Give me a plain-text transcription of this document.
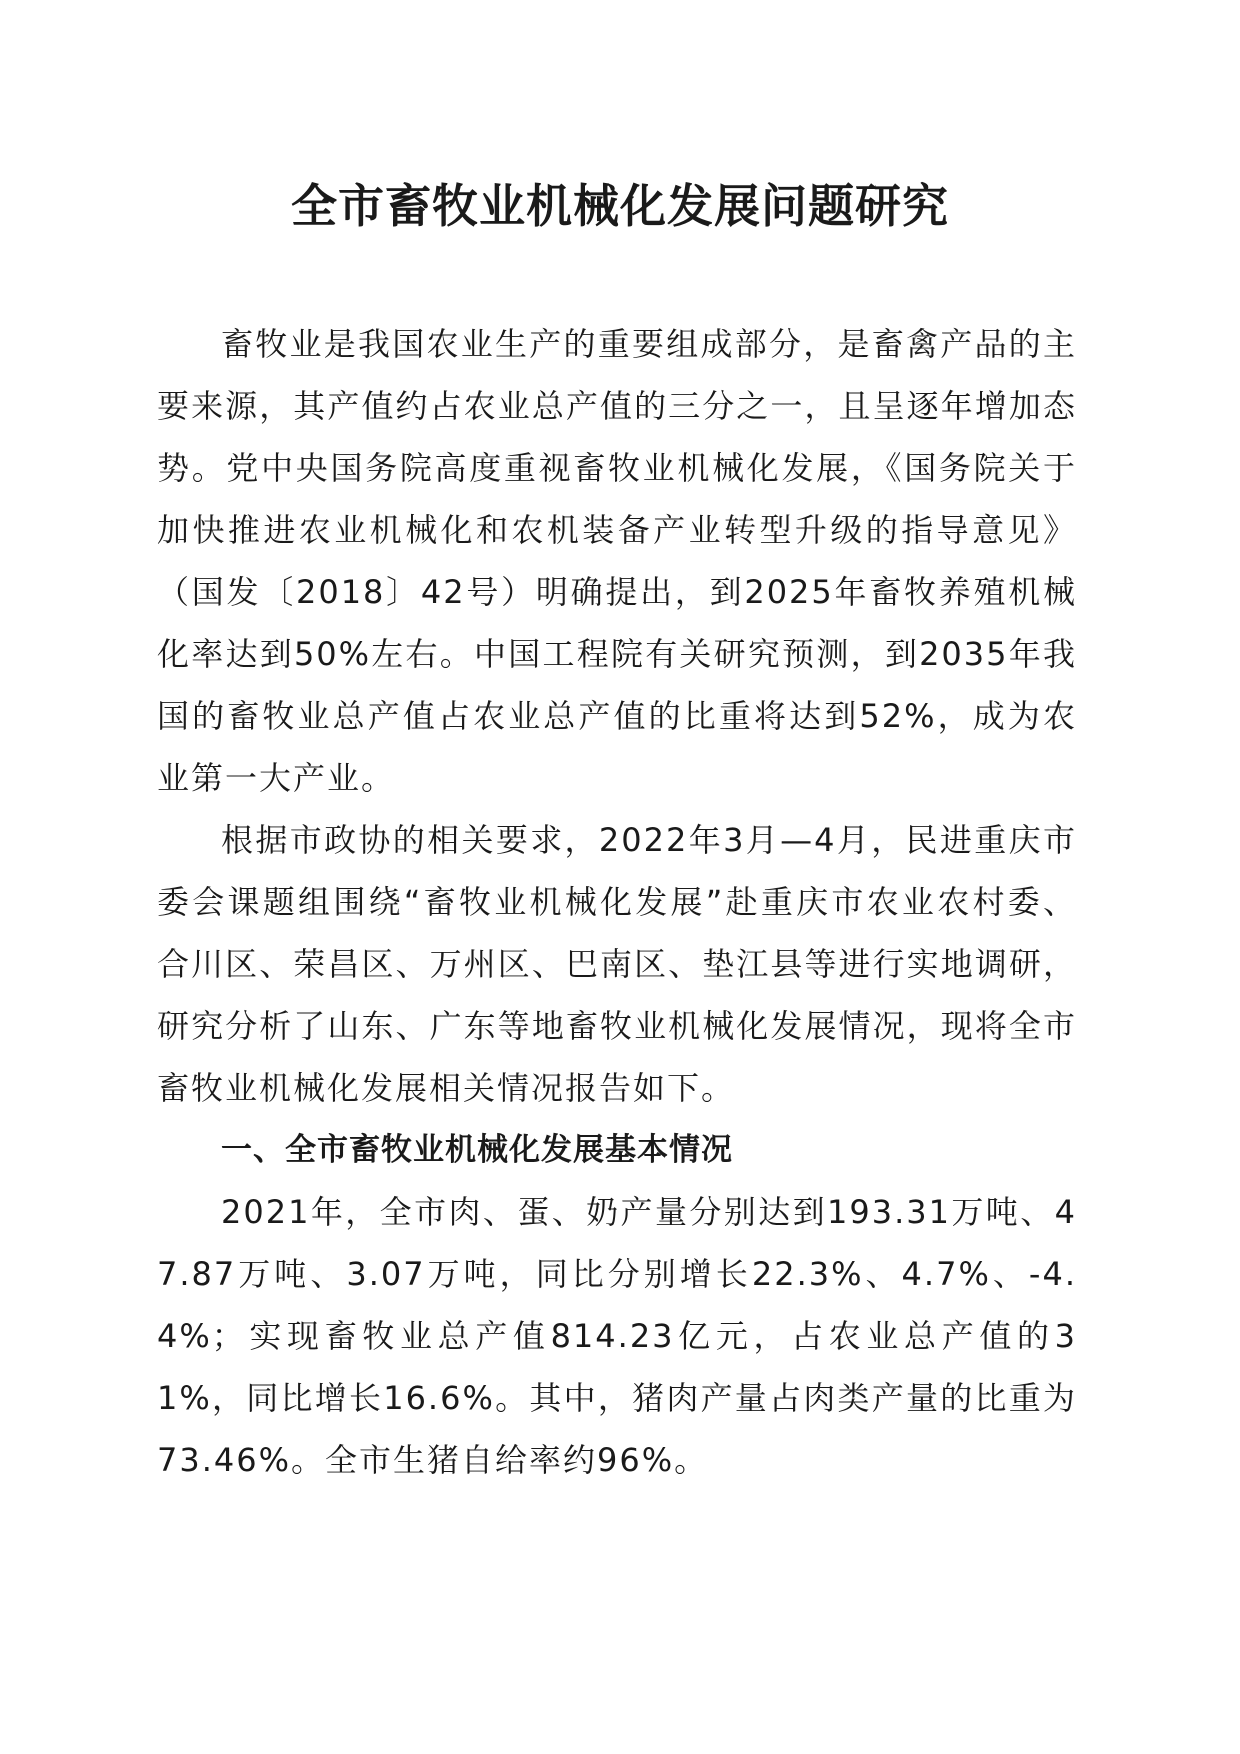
全市畜牧业机械化发展问题研究

畜牧业是我国农业生产的重要组成部分，是畜禽产品的主要来源，其产值约占农业总产值的三分之一，且呈逐年增加态势。党中央国务院高度重视畜牧业机械化发展，《国务院关于加快推进农业机械化和农机装备产业转型升级的指导意见》（国发〔2018〕42号）明确提出，到2025年畜牧养殖机械化率达到50%左右。中国工程院有关研究预测，到2035年我国的畜牧业总产值占农业总产值的比重将达到52%，成为农业第一大产业。

根据市政协的相关要求，2022年3月—4月，民进重庆市委会课题组围绕“畜牧业机械化发展”赴重庆市农业农村委、合川区、荣昌区、万州区、巴南区、垫江县等进行实地调研，研究分析了山东、广东等地畜牧业机械化发展情况，现将全市畜牧业机械化发展相关情况报告如下。

一、全市畜牧业机械化发展基本情况

2021年，全市肉、蛋、奶产量分别达到193.31万吨、47.87万吨、3.07万吨，同比分别增长22.3%、4.7%、-4.4%；实现畜牧业总产值814.23亿元，占农业总产值的31%，同比增长16.6%。其中，猪肉产量占肉类产量的比重为73.46%。全市生猪自给率约96%。
